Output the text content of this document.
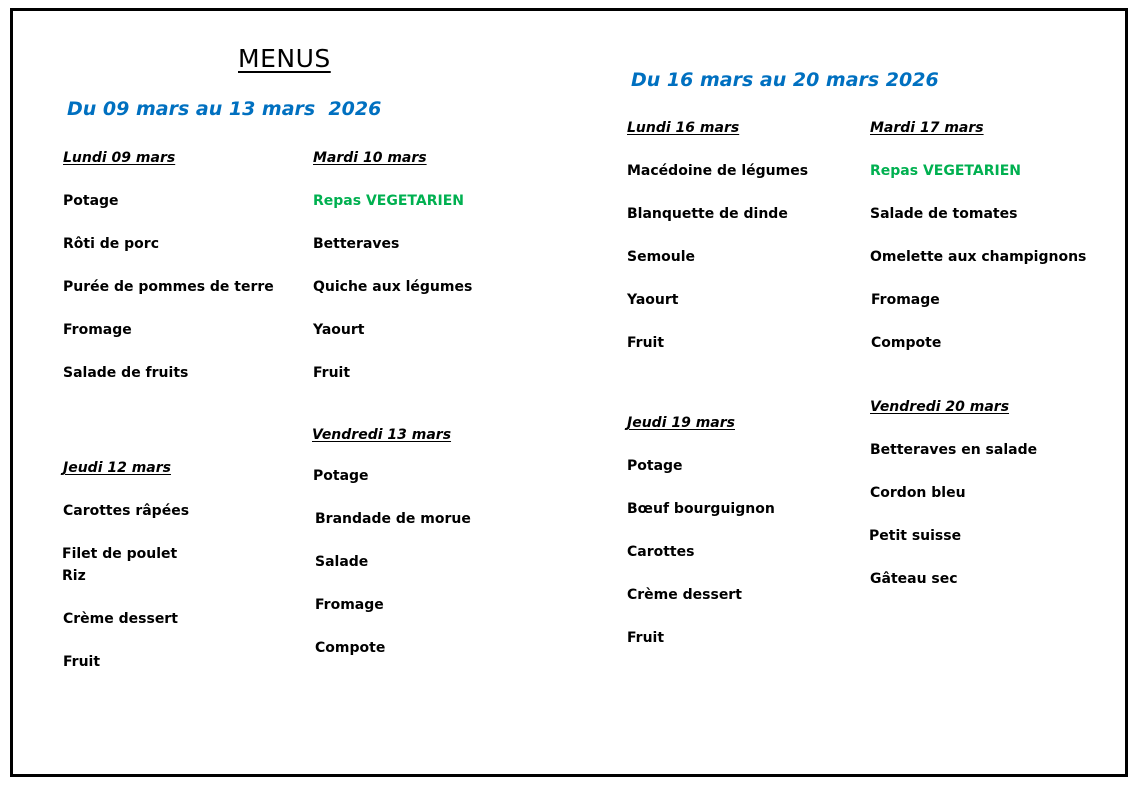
MENUS
Du 09 mars au 13 mars  2026
Lundi 09 mars
Potage
Rôti de porc
Purée de pommes de terre
Fromage
Salade de fruits
Mardi 10 mars
Repas VEGETARIEN
Betteraves
Quiche aux légumes
Yaourt
Fruit
Jeudi 12 mars
Carottes râpées
Filet de poulet
Riz
Crème dessert
Fruit
Vendredi 13 mars
Potage
Brandade de morue
Salade
Fromage
Compote
Du 16 mars au 20 mars 2026
Lundi 16 mars
Macédoine de légumes
Blanquette de dinde
Semoule
Yaourt
Fruit
Mardi 17 mars
Repas VEGETARIEN
Salade de tomates
Omelette aux champignons
Fromage
Compote
Jeudi 19 mars
Potage
Bœuf bourguignon
Carottes
Crème dessert
Fruit
Vendredi 20 mars
Betteraves en salade
Cordon bleu
Petit suisse
Gâteau sec
